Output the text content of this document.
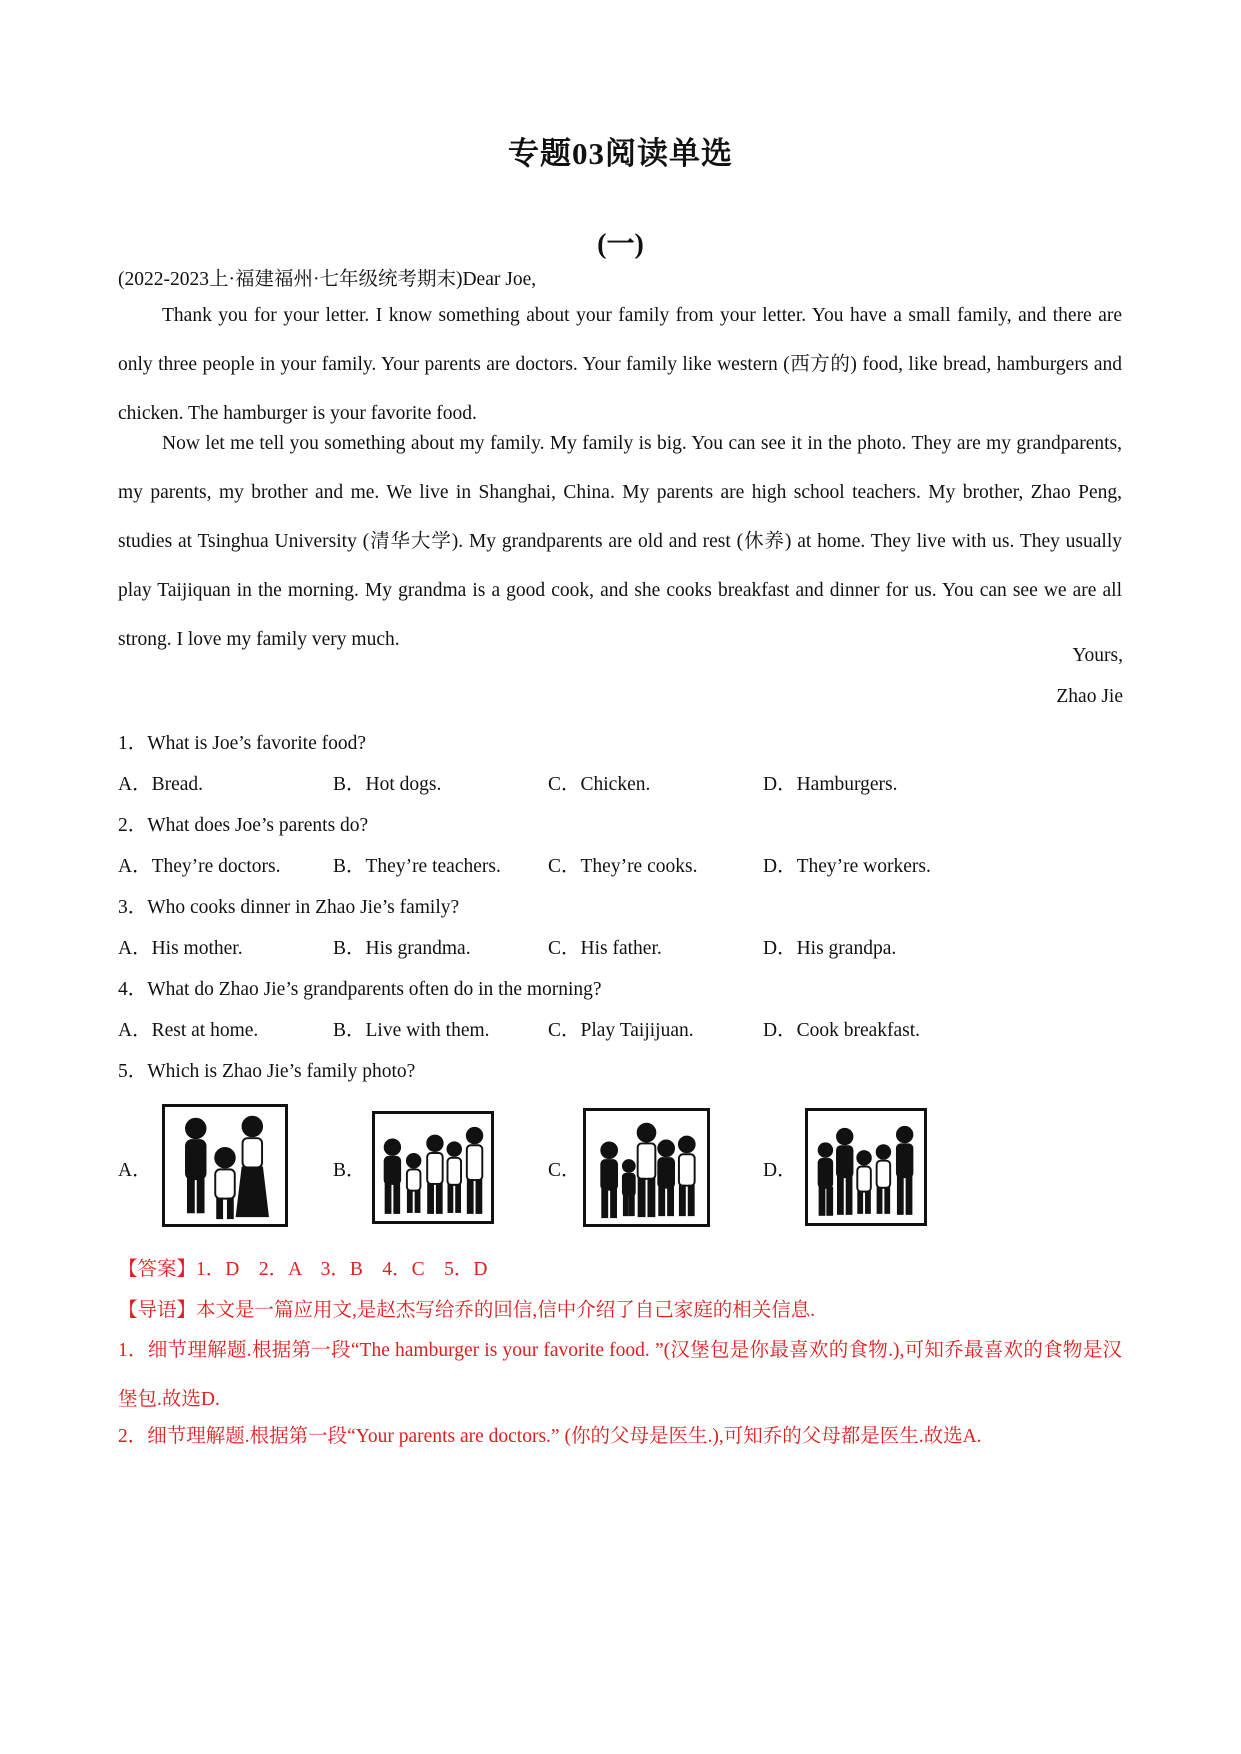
专题03阅读单选
(一)
(2022-2023上·福建福州·七年级统考期末)Dear Joe,
Thank you for your letter. I know something about your family from your letter. You have a small family, and there are only three people in your family. Your parents are doctors. Your family like western (西方的) food, like bread, hamburgers and chicken. The hamburger is your favorite food.
Now let me tell you something about my family. My family is big. You can see it in the photo. They are my grandparents, my parents, my brother and me. We live in Shanghai, China. My parents are high school teachers. My brother, Zhao Peng, studies at Tsinghua University (清华大学). My grandparents are old and rest (休养) at home. They live with us. They usually play Taijiquan in the morning. My grandma is a good cook, and she cooks breakfast and dinner for us. You can see we are all strong. I love my family very much.
Yours,
Zhao Jie
1．What is Joe’s favorite food?
A．Bread.	B．Hot dogs.	C．Chicken.	D．Hamburgers.
2．What does Joe’s parents do?
A．They’re doctors.	B．They’re teachers. C．They’re cooks.	D．They’re workers.
3．Who cooks dinner in Zhao Jie’s family?
A．His mother.	B．His grandma.	C．His father.	D．His grandpa.
4．What do Zhao Jie’s grandparents often do in the morning?
A．Rest at home.	B．Live with them.	C．Play Taijijuan.	D．Cook breakfast.
5．Which is Zhao Jie’s family photo?
A．	B．	C．	D．
【答案】1．D　2．A　3．B　4．C　5．D
【导语】本文是一篇应用文,是赵杰写给乔的回信,信中介绍了自己家庭的相关信息.
1．细节理解题.根据第一段“The hamburger is your favorite food. ”(汉堡包是你最喜欢的食物.),可知乔最喜欢的食物是汉堡包.故选D.
2．细节理解题.根据第一段“Your parents are doctors.” (你的父母是医生.),可知乔的父母都是医生.故选A.
